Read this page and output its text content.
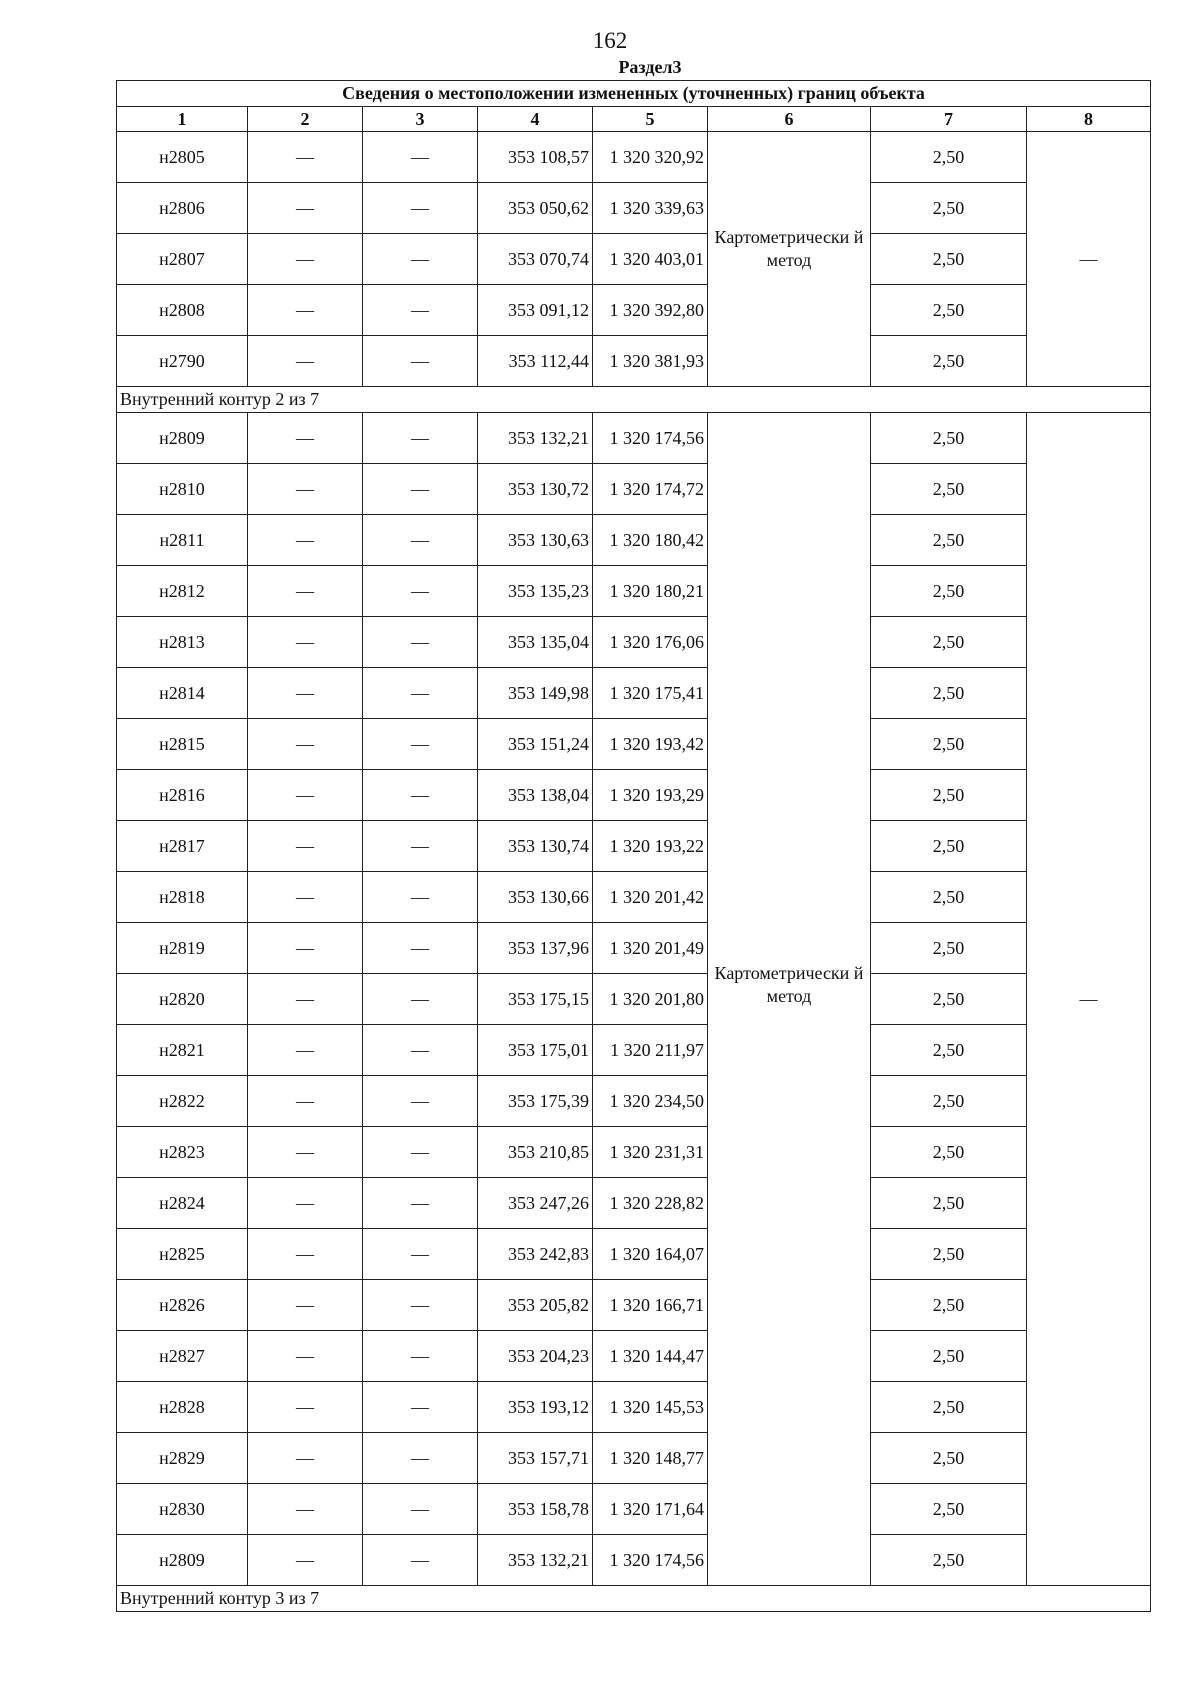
162
Раздел3
Сведения о местоположении измененных (уточненных) границ объекта							
1	2	3	4	5	6	7	8
н2805	—	—	353 108,57	1 320 320,92	Картометрически й метод	2,50	—
н2806	—	—	353 050,62	1 320 339,63		2,50	
н2807	—	—	353 070,74	1 320 403,01		2,50	
н2808	—	—	353 091,12	1 320 392,80		2,50	
н2790	—	—	353 112,44	1 320 381,93		2,50	
Внутренний контур 2 из 7							
н2809	—	—	353 132,21	1 320 174,56	Картометрически й метод	2,50	—
н2810	—	—	353 130,72	1 320 174,72		2,50	
н2811	—	—	353 130,63	1 320 180,42		2,50	
н2812	—	—	353 135,23	1 320 180,21		2,50	
н2813	—	—	353 135,04	1 320 176,06		2,50	
н2814	—	—	353 149,98	1 320 175,41		2,50	
н2815	—	—	353 151,24	1 320 193,42		2,50	
н2816	—	—	353 138,04	1 320 193,29		2,50	
н2817	—	—	353 130,74	1 320 193,22		2,50	
н2818	—	—	353 130,66	1 320 201,42		2,50	
н2819	—	—	353 137,96	1 320 201,49		2,50	
н2820	—	—	353 175,15	1 320 201,80		2,50	
н2821	—	—	353 175,01	1 320 211,97		2,50	
н2822	—	—	353 175,39	1 320 234,50		2,50	
н2823	—	—	353 210,85	1 320 231,31		2,50	
н2824	—	—	353 247,26	1 320 228,82		2,50	
н2825	—	—	353 242,83	1 320 164,07		2,50	
н2826	—	—	353 205,82	1 320 166,71		2,50	
н2827	—	—	353 204,23	1 320 144,47		2,50	
н2828	—	—	353 193,12	1 320 145,53		2,50	
н2829	—	—	353 157,71	1 320 148,77		2,50	
н2830	—	—	353 158,78	1 320 171,64		2,50	
н2809	—	—	353 132,21	1 320 174,56		2,50	
Внутренний контур 3 из 7							
